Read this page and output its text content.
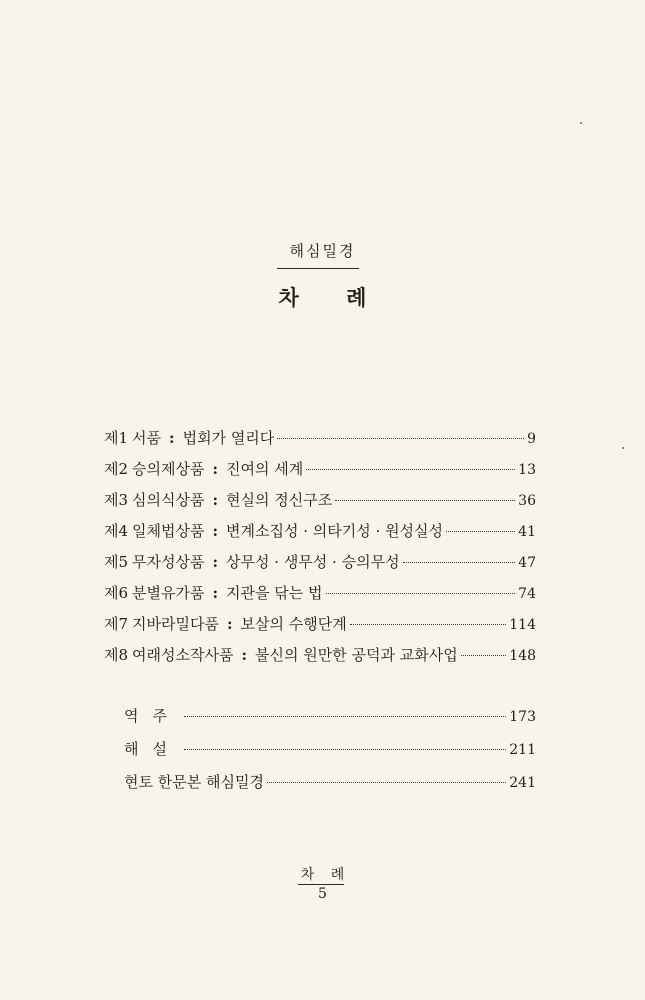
해심밀경
차 례
제1 서품 : 법회가 열리다	9
제2 승의제상품 : 진여의 세계	13
제3 심의식상품 : 현실의 정신구조	36
제4 일체법상품 : 변계소집성 · 의타기성 · 원성실성	41
제5 무자성상품 : 상무성 · 생무성 · 승의무성	47
제6 분별유가품 : 지관을 닦는 법	74
제7 지바라밀다품 : 보살의 수행단계	114
제8 여래성소작사품 : 불신의 원만한 공덕과 교화사업	148
역주	173
해설	211
현토 한문본 해심밀경	241
차 례
5
